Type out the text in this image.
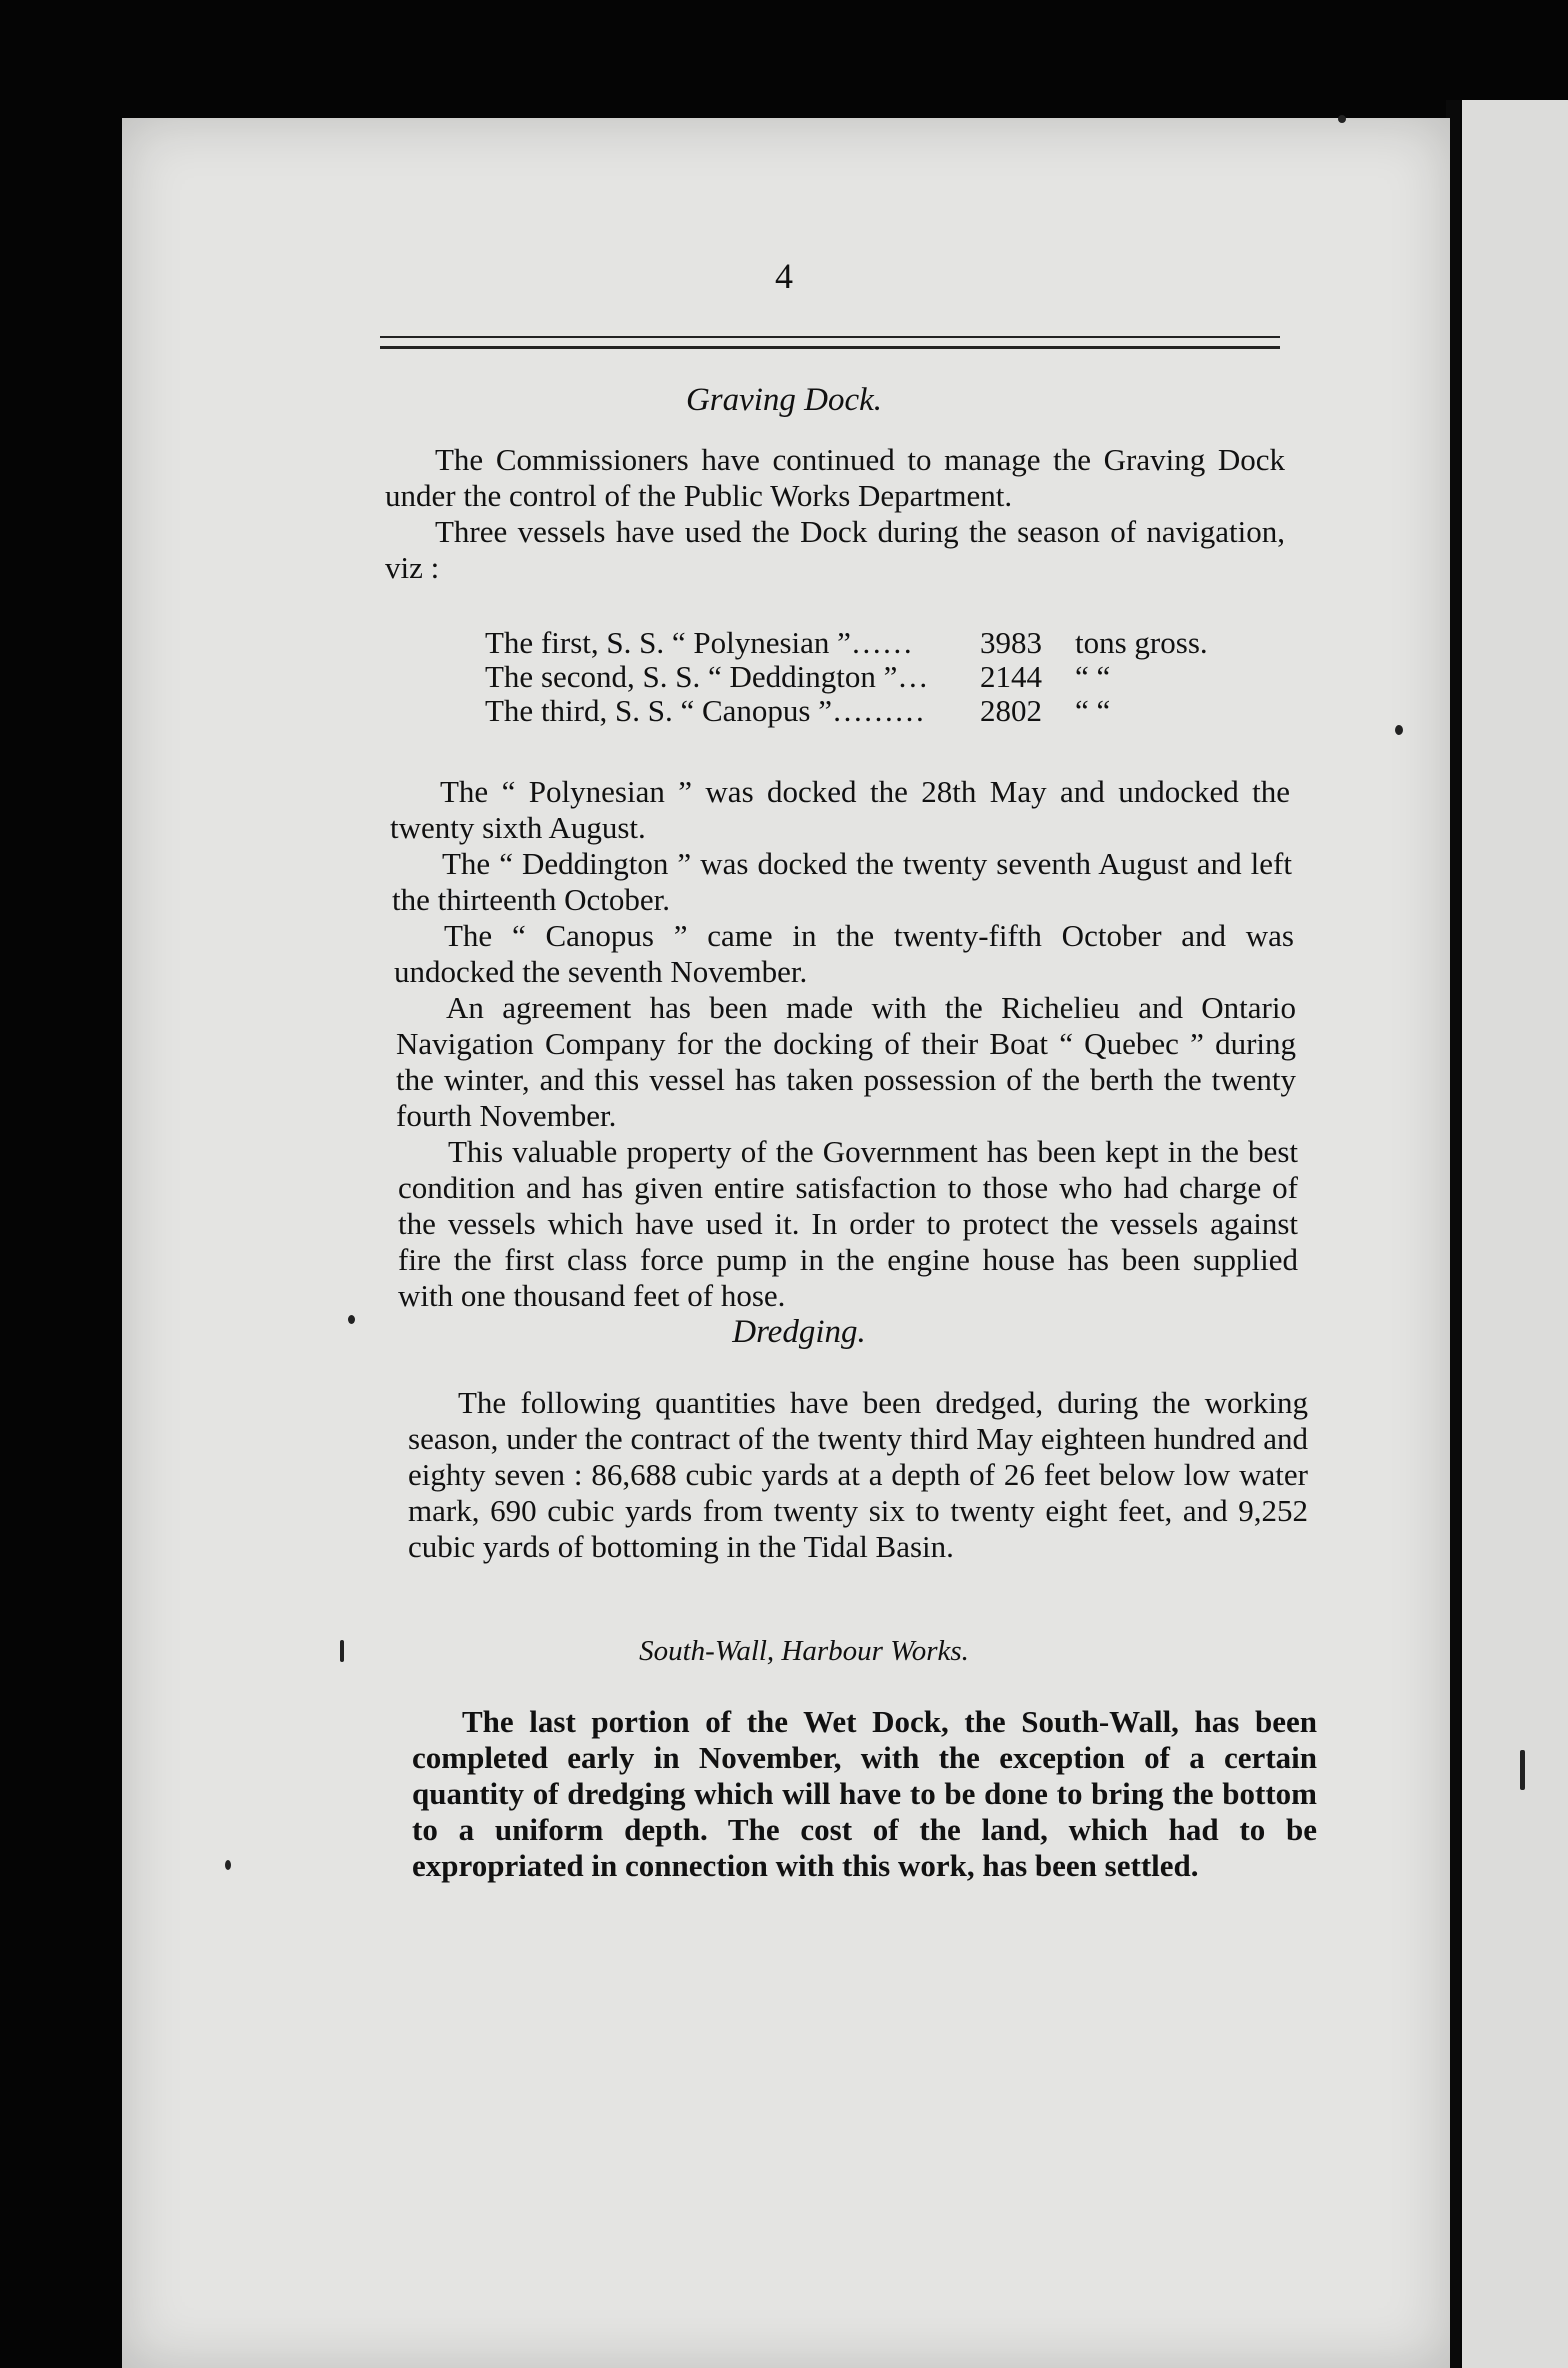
4
Graving Dock.
The Commissioners have continued to manage the Graving Dock under the control of the Public Works Department.
Three vessels have used the Dock during the season of navigation, viz :
The first, S. S. “ Polynesian ”……	3983	tons gross.
The second, S. S. “ Deddington ”…	2144	“ “
The third, S. S. “ Canopus ”………	2802	“ “
The “ Polynesian ” was docked the 28th May and undocked the twenty sixth August.
The “ Deddington ” was docked the twenty seventh August and left the thirteenth October.
The “ Canopus ” came in the twenty-fifth October and was undocked the seventh November.
An agreement has been made with the Richelieu and Ontario Navigation Company for the docking of their Boat “ Quebec ” during the winter, and this vessel has taken possession of the berth the twenty fourth November.
This valuable property of the Government has been kept in the best condition and has given entire satisfaction to those who had charge of the vessels which have used it. In order to protect the vessels against fire the first class force pump in the engine house has been supplied with one thousand feet of hose.
Dredging.
The following quantities have been dredged, during the working season, under the contract of the twenty third May eighteen hundred and eighty seven : 86,688 cubic yards at a depth of 26 feet below low water mark, 690 cubic yards from twenty six to twenty eight feet, and 9,252 cubic yards of bottoming in the Tidal Basin.
South-Wall, Harbour Works.
The last portion of the Wet Dock, the South-Wall, has been completed early in November, with the exception of a certain quantity of dredging which will have to be done to bring the bottom to a uniform depth. The cost of the land, which had to be expropriated in connection with this work, has been settled.
